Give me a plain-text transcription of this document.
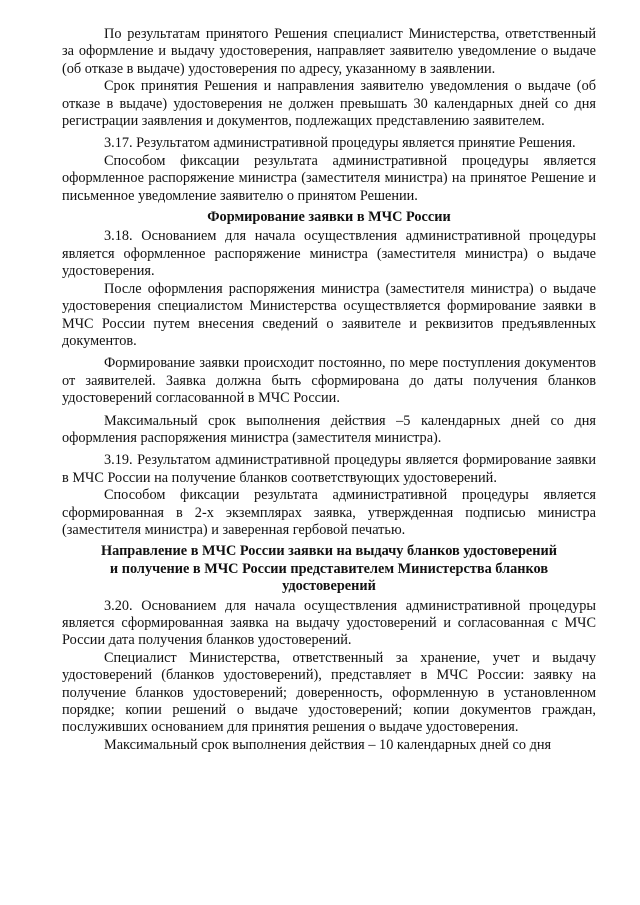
По результатам принятого Решения специалист Министерства, ответственный за оформление и выдачу удостоверения, направляет заявителю уведомление о выдаче (об отказе в выдаче) удостоверения по адресу, указанному в заявлении.

Срок принятия Решения и направления заявителю уведомления о выдаче (об отказе в выдаче) удостоверения не должен превышать 30 календарных дней со дня регистрации заявления и документов, подлежащих представлению заявителем.

3.17. Результатом административной процедуры является принятие Решения.

Способом фиксации результата административной процедуры является оформленное распоряжение министра (заместителя министра) на принятое Решение и письменное уведомление заявителю о принятом Решении.

Формирование заявки в МЧС России

3.18. Основанием для начала осуществления административной процедуры является оформленное распоряжение министра (заместителя министра) о выдаче удостоверения.

После оформления распоряжения министра (заместителя министра) о выдаче удостоверения специалистом Министерства осуществляется формирование заявки в МЧС России путем внесения сведений о заявителе и реквизитов предъявленных документов.

Формирование заявки происходит постоянно, по мере поступления документов от заявителей. Заявка должна быть сформирована до даты получения бланков удостоверений согласованной в МЧС России.

Максимальный срок выполнения действия –5 календарных дней со дня оформления распоряжения министра (заместителя министра).

3.19. Результатом административной процедуры является формирование заявки в МЧС России на получение бланков соответствующих удостоверений.

Способом фиксации результата административной процедуры является сформированная в 2-х экземплярах заявка, утвержденная подписью министра (заместителя министра) и заверенная гербовой печатью.

Направление в МЧС России заявки на выдачу бланков удостоверений
и получение в МЧС России представителем Министерства бланков
удостоверений

3.20. Основанием для начала осуществления административной процедуры является сформированная заявка на выдачу удостоверений и согласованная с МЧС России дата получения бланков удостоверений.

Специалист Министерства, ответственный за хранение, учет и выдачу удостоверений (бланков удостоверений), представляет в МЧС России: заявку на получение бланков удостоверений; доверенность, оформленную в установленном порядке; копии решений о выдаче удостоверений; копии документов граждан, послуживших основанием для принятия решения о выдаче удостоверения.

Максимальный срок выполнения действия – 10 календарных дней со дня
